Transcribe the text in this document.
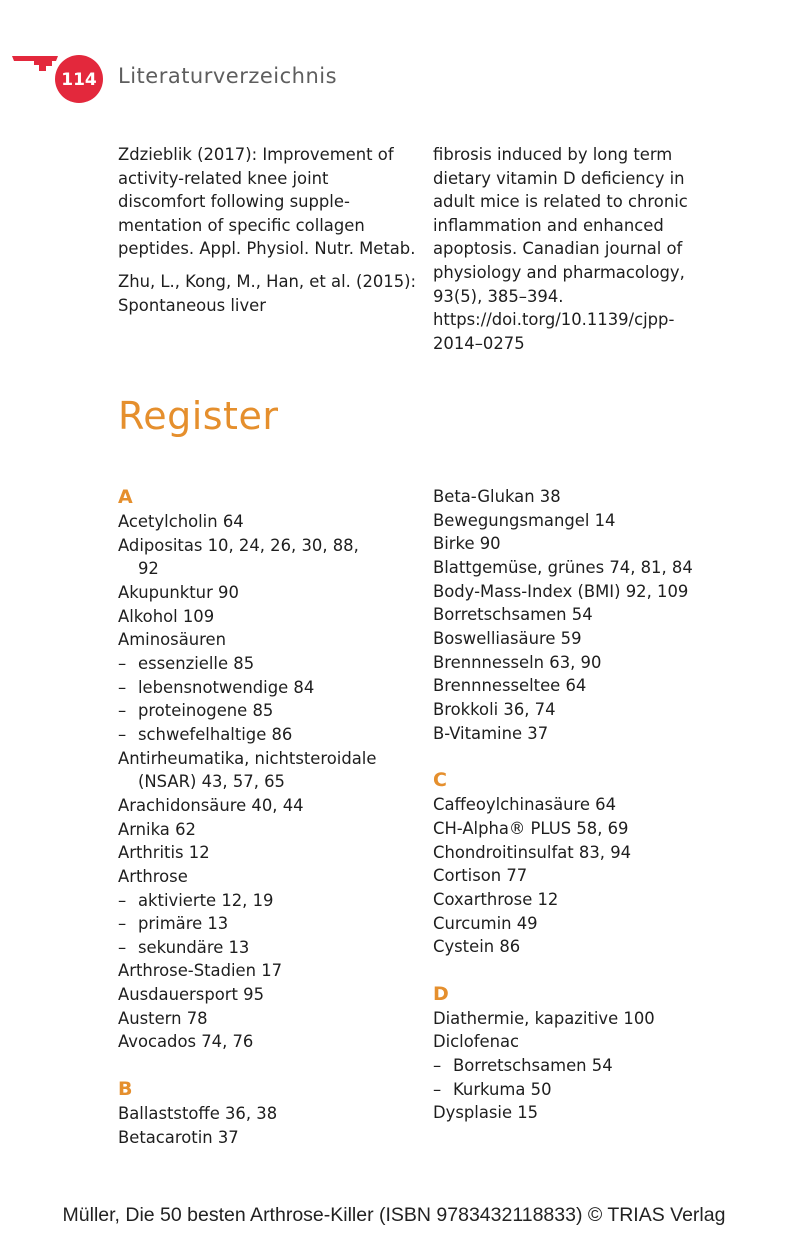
114 Literaturverzeichnis

Zdzieblik (2017): Improvement of activity-related knee joint discomfort following supple-mentation of specific collagen peptides. Appl. Physiol. Nutr. Metab.

Zhu, L., Kong, M., Han, et al. (2015): Spontaneous liver

fibrosis induced by long term dietary vitamin D deficiency in adult mice is related to chronic inflammation and enhanced apoptosis. Canadian journal of physiology and pharmacology, 93(5), 385–394. https://doi.torg/10.1139/cjpp-2014–0275

Register
A
Acetylcholin 64
Adipositas 10, 24, 26, 30, 88,
92
Akupunktur 90
Alkohol 109
Aminosäuren
– essenzielle 85
– lebensnotwendige 84
– proteinogene 85
– schwefelhaltige 86
Antirheumatika, nichtsteroidale
(NSAR) 43, 57, 65
Arachidonsäure 40, 44
Arnika 62
Arthritis 12
Arthrose
– aktivierte 12, 19
– primäre 13
– sekundäre 13
Arthrose-Stadien 17
Ausdauersport 95
Austern 78
Avocados 74, 76
B
Ballaststoffe 36, 38
Betacarotin 37
Beta-Glukan 38
Bewegungsmangel 14
Birke 90
Blattgemüse, grünes 74, 81, 84
Body-Mass-Index (BMI) 92, 109
Borretschsamen 54
Boswelliasäure 59
Brennnesseln 63, 90
Brennnesseltee 64
Brokkoli 36, 74
B-Vitamine 37
C
Caffeoylchinasäure 64
CH-Alpha® PLUS 58, 69
Chondroitinsulfat 83, 94
Cortison 77
Coxarthrose 12
Curcumin 49
Cystein 86
D
Diathermie, kapazitive 100
Diclofenac
– Borretschsamen 54
– Kurkuma 50
Dysplasie 15
Müller, Die 50 besten Arthrose-Killer (ISBN 9783432118833) © TRIAS Verlag
